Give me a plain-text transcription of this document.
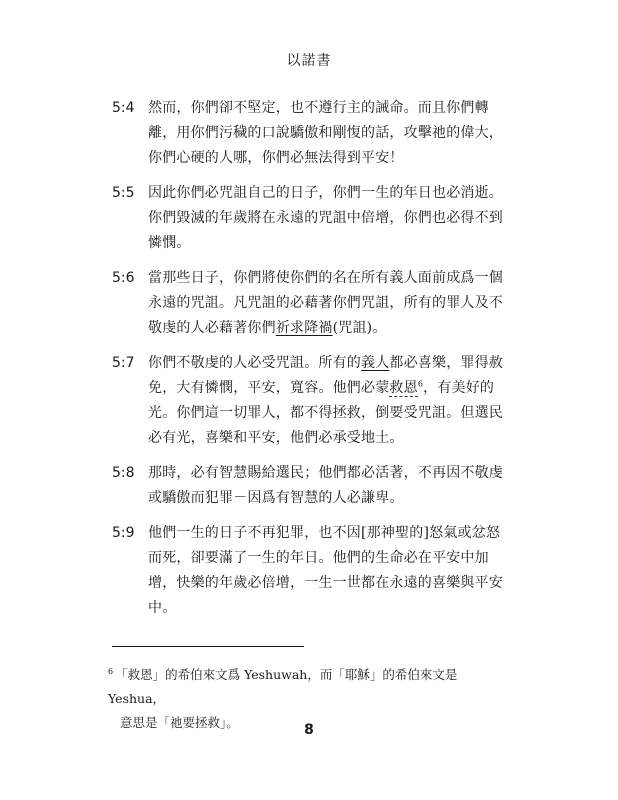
以諾書
5:4 然而，你們卻不堅定，也不遵行主的誡命。而且你們轉離，用你們污穢的口說驕傲和剛愎的話，攻擊祂的偉大，你們心硬的人哪，你們必無法得到平安！
5:5 因此你們必咒詛自己的日子，你們一生的年日也必消逝。你們毀滅的年歲將在永遠的咒詛中倍增，你們也必得不到憐憫。
5:6 當那些日子，你們將使你們的名在所有義人面前成爲一個永遠的咒詛。凡咒詛的必藉著你們咒詛，所有的罪人及不敬虔的人必藉著你們祈求降禍(咒詛)。
5:7 你們不敬虔的人必受咒詛。所有的義人都必喜樂，罪得赦免，大有憐憫，平安，寬容。他們必蒙救恩$^6$，有美好的光。你們這一切罪人，都不得拯救，倒要受咒詛。但選民必有光，喜樂和平安，他們必承受地土。
5:8 那時，必有智慧賜給選民；他們都必活著，不再因不敬虔或驕傲而犯罪－因爲有智慧的人必謙卑。
5:9 他們一生的日子不再犯罪，也不因[那神聖的]怒氣或忿怒而死，卻要滿了一生的年日。他們的生命必在平安中加增，快樂的年歲必倍增，一生一世都在永遠的喜樂與平安中。
$^6$ 「救恩」的希伯來文爲 Yeshuwah，而「耶穌」的希伯來文是 Yeshua，
意思是「祂要拯救」。	8
